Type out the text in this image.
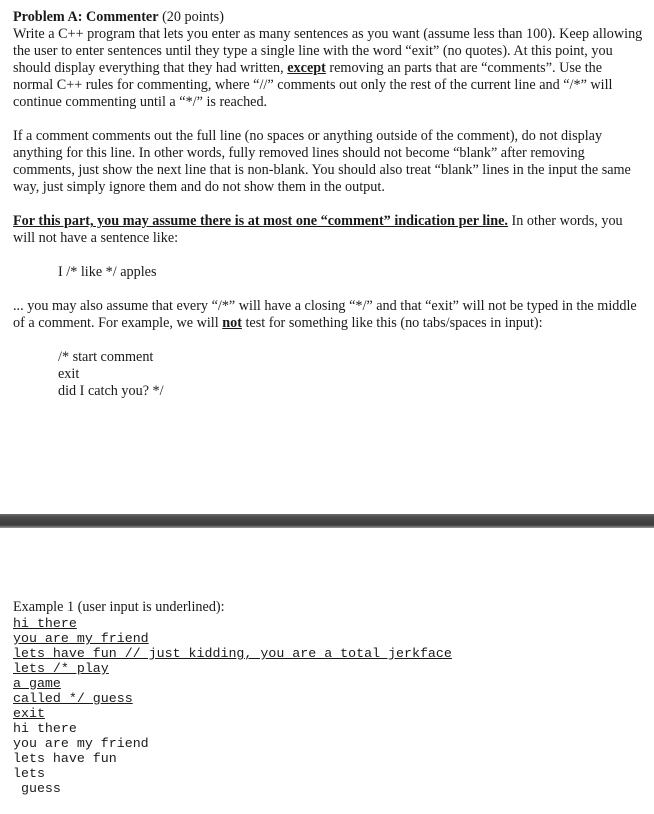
Problem A: Commenter (20 points)
Write a C++ program that lets you enter as many sentences as you want (assume less than 100). Keep allowing the user to enter sentences until they type a single line with the word “exit” (no quotes). At this point, you should display everything that they had written, except removing an parts that are “comments”. Use the normal C++ rules for commenting, where “//” comments out only the rest of the current line and “/*” will continue commenting until a “*/” is reached.

If a comment comments out the full line (no spaces or anything outside of the comment), do not display anything for this line. In other words, fully removed lines should not become “blank” after removing comments, just show the next line that is non-blank. You should also treat “blank” lines in the input the same way, just simply ignore them and do not show them in the output.

For this part, you may assume there is at most one “comment” indication per line. In other words, you will not have a sentence like:

I /* like */ apples

... you may also assume that every “/*” will have a closing “*/” and that “exit” will not be typed in the middle of a comment. For example, we will not test for something like this (no tabs/spaces in input):

/* start comment

exit

did I catch you? */

Example 1 (user input is underlined):

hi there
you are my friend
lets have fun // just kidding, you are a total jerkface
lets /* play
a game
called */ guess
exit
hi there
you are my friend
lets have fun
lets
guess
